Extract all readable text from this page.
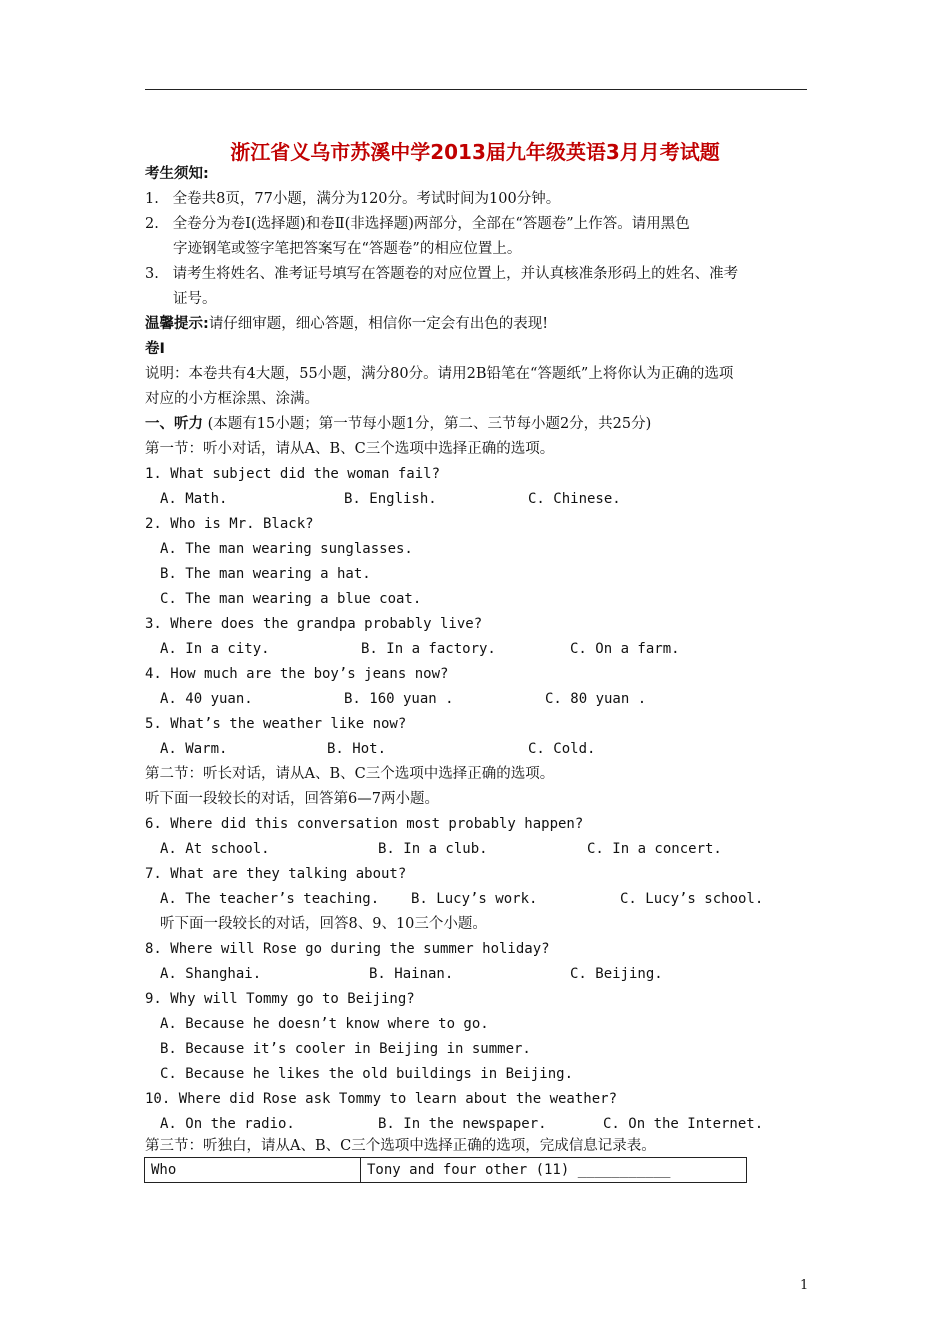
浙江省义乌市苏溪中学2013届九年级英语3月月考试题
考生须知:
1. 全卷共8页，77小题，满分为120分。考试时间为100分钟。
2. 全卷分为卷Ⅰ(选择题)和卷Ⅱ(非选择题)两部分，全部在“答题卷”上作答。请用黑色
字迹钢笔或签字笔把答案写在“答题卷”的相应位置上。
3. 请考生将姓名、准考证号填写在答题卷的对应位置上，并认真核准条形码上的姓名、准考
证号。
温馨提示:请仔细审题，细心答题，相信你一定会有出色的表现!
卷Ⅰ
说明：本卷共有4大题，55小题，满分80分。请用2B铅笔在“答题纸”上将你认为正确的选项
对应的小方框涂黑、涂满。
一、听力 (本题有15小题；第一节每小题1分，第二、三节每小题2分，共25分)
第一节：听小对话，请从A、B、C三个选项中选择正确的选项。
1. What subject did the woman fail?
A. Math.	B. English.	C. Chinese.
2. Who is Mr. Black?
A. The man wearing sunglasses.
B. The man wearing a hat.
C. The man wearing a blue coat.
3. Where does the grandpa probably live?
A. In a city.	B. In a factory.	C. On a farm.
4. How much are the boy’s jeans now?
A. 40 yuan.	B. 160 yuan .	C. 80 yuan .
5. What’s the weather like now?
A. Warm.	B. Hot.	C. Cold.
第二节：听长对话，请从A、B、C三个选项中选择正确的选项。
听下面一段较长的对话，回答第6—7两小题。
6. Where did this conversation most probably happen?
A. At school.	B. In a club.	C. In a concert.
7. What are they talking about?
A. The teacher’s teaching. B. Lucy’s work.	C. Lucy’s school.
听下面一段较长的对话，回答8、9、10三个小题。
8. Where will Rose go during the summer holiday?
A. Shanghai.	B. Hainan.	C. Beijing.
9. Why will Tommy go to Beijing?
A. Because he doesn’t know where to go.
B. Because it’s cooler in Beijing in summer.
C. Because he likes the old buildings in Beijing.
10. Where did Rose ask Tommy to learn about the weather?
A. On the radio.	B. In the newspaper.	C. On the Internet.
第三节：听独白，请从A、B、C三个选项中选择正确的选项，完成信息记录表。
Who	Tony and four other (11) ___________
1
